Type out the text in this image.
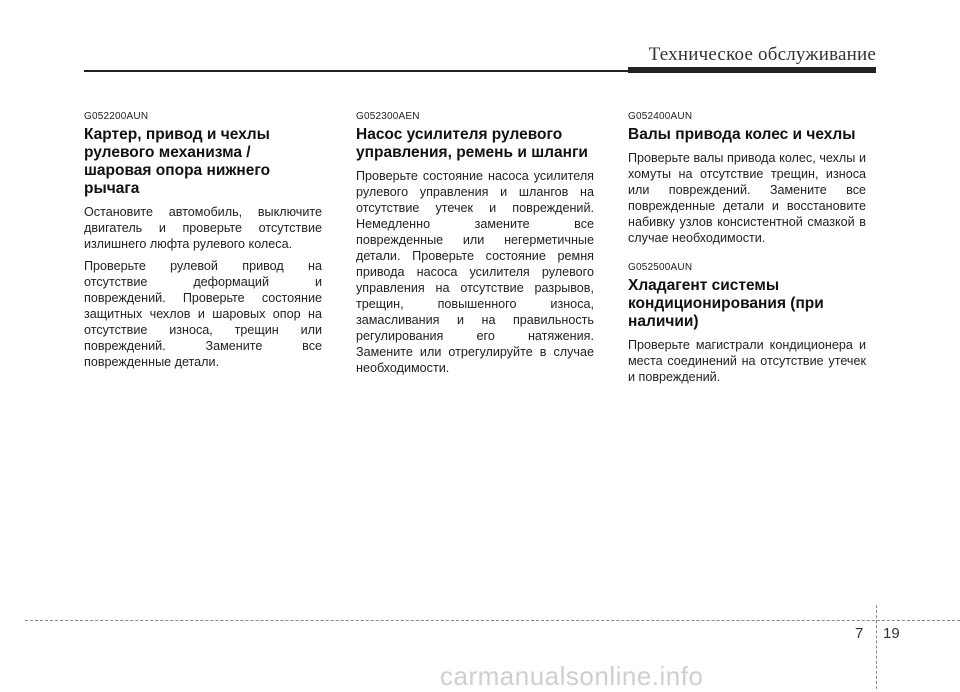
Техническое обслуживание
G052200AUN
Картер, привод и чехлы рулевого механизма / шаровая опора нижнего рычага

Остановите автомобиль, выключите двигатель и проверьте отсутствие излишнего люфта рулевого колеса.

Проверьте рулевой привод на отсутствие деформаций и повреждений. Проверьте состояние защитных чехлов и шаровых опор на отсутствие износа, трещин или повреждений. Замените все поврежденные детали.

G052300AEN
Насос усилителя рулевого управления, ремень и шланги

Проверьте состояние насоса усилителя рулевого управления и шлангов на отсутствие утечек и повреждений. Немедленно замените все поврежденные или негерметичные детали. Проверьте состояние ремня привода насоса усилителя рулевого управления на отсутствие разрывов, трещин, повышенного износа, замасливания и на правильность регулирования его натяжения. Замените или отрегулируйте в случае необходимости.

G052400AUN
Валы привода колес и чехлы

Проверьте валы привода колес, чехлы и хомуты на отсутствие трещин, износа или повреждений. Замените все поврежденные детали и восстановите набивку узлов консистентной смазкой в случае необходимости.

G052500AUN
Хладагент системы кондиционирования (при наличии)

Проверьте магистрали кондиционера и места соединений на отсутствие утечек и повреждений.

7 19
carmanualsonline.info
